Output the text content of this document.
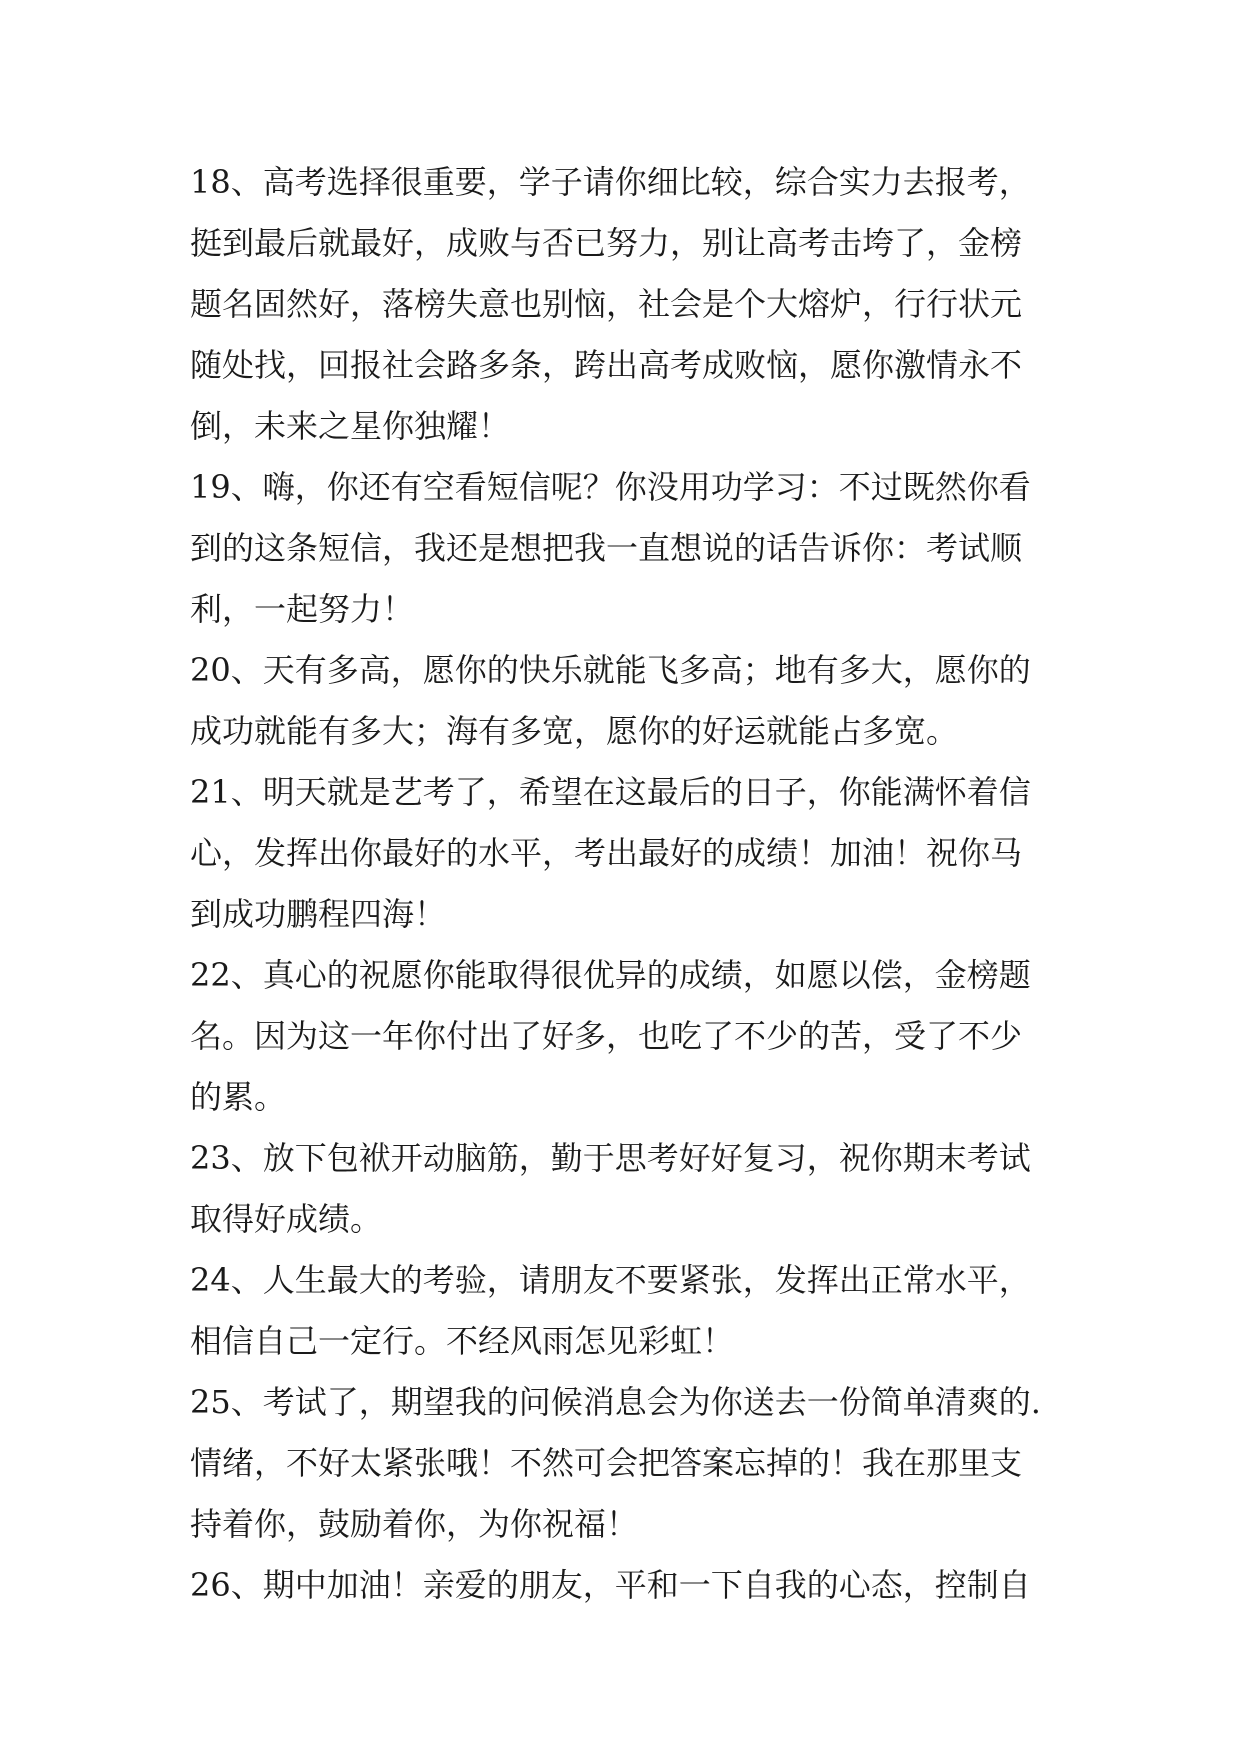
18、高考选择很重要，学子请你细比较，综合实力去报考，
挺到最后就最好，成败与否已努力，别让高考击垮了，金榜
题名固然好，落榜失意也别恼，社会是个大熔炉，行行状元
随处找，回报社会路多条，跨出高考成败恼，愿你激情永不
倒，未来之星你独耀！
19、嗨，你还有空看短信呢？你没用功学习：不过既然你看
到的这条短信，我还是想把我一直想说的话告诉你：考试顺
利，一起努力！
20、天有多高，愿你的快乐就能飞多高；地有多大，愿你的
成功就能有多大；海有多宽，愿你的好运就能占多宽。
21、明天就是艺考了，希望在这最后的日子，你能满怀着信
心，发挥出你最好的水平，考出最好的成绩！加油！祝你马
到成功鹏程四海！
22、真心的祝愿你能取得很优异的成绩，如愿以偿，金榜题
名。因为这一年你付出了好多，也吃了不少的苦，受了不少
的累。
23、放下包袱开动脑筋，勤于思考好好复习，祝你期末考试
取得好成绩。
24、人生最大的考验，请朋友不要紧张，发挥出正常水平，
相信自己一定行。不经风雨怎见彩虹！
25、考试了，期望我的问候消息会为你送去一份简单清爽的.
情绪，不好太紧张哦！不然可会把答案忘掉的！我在那里支
持着你，鼓励着你，为你祝福！
26、期中加油！亲爱的朋友，平和一下自我的心态，控制自
